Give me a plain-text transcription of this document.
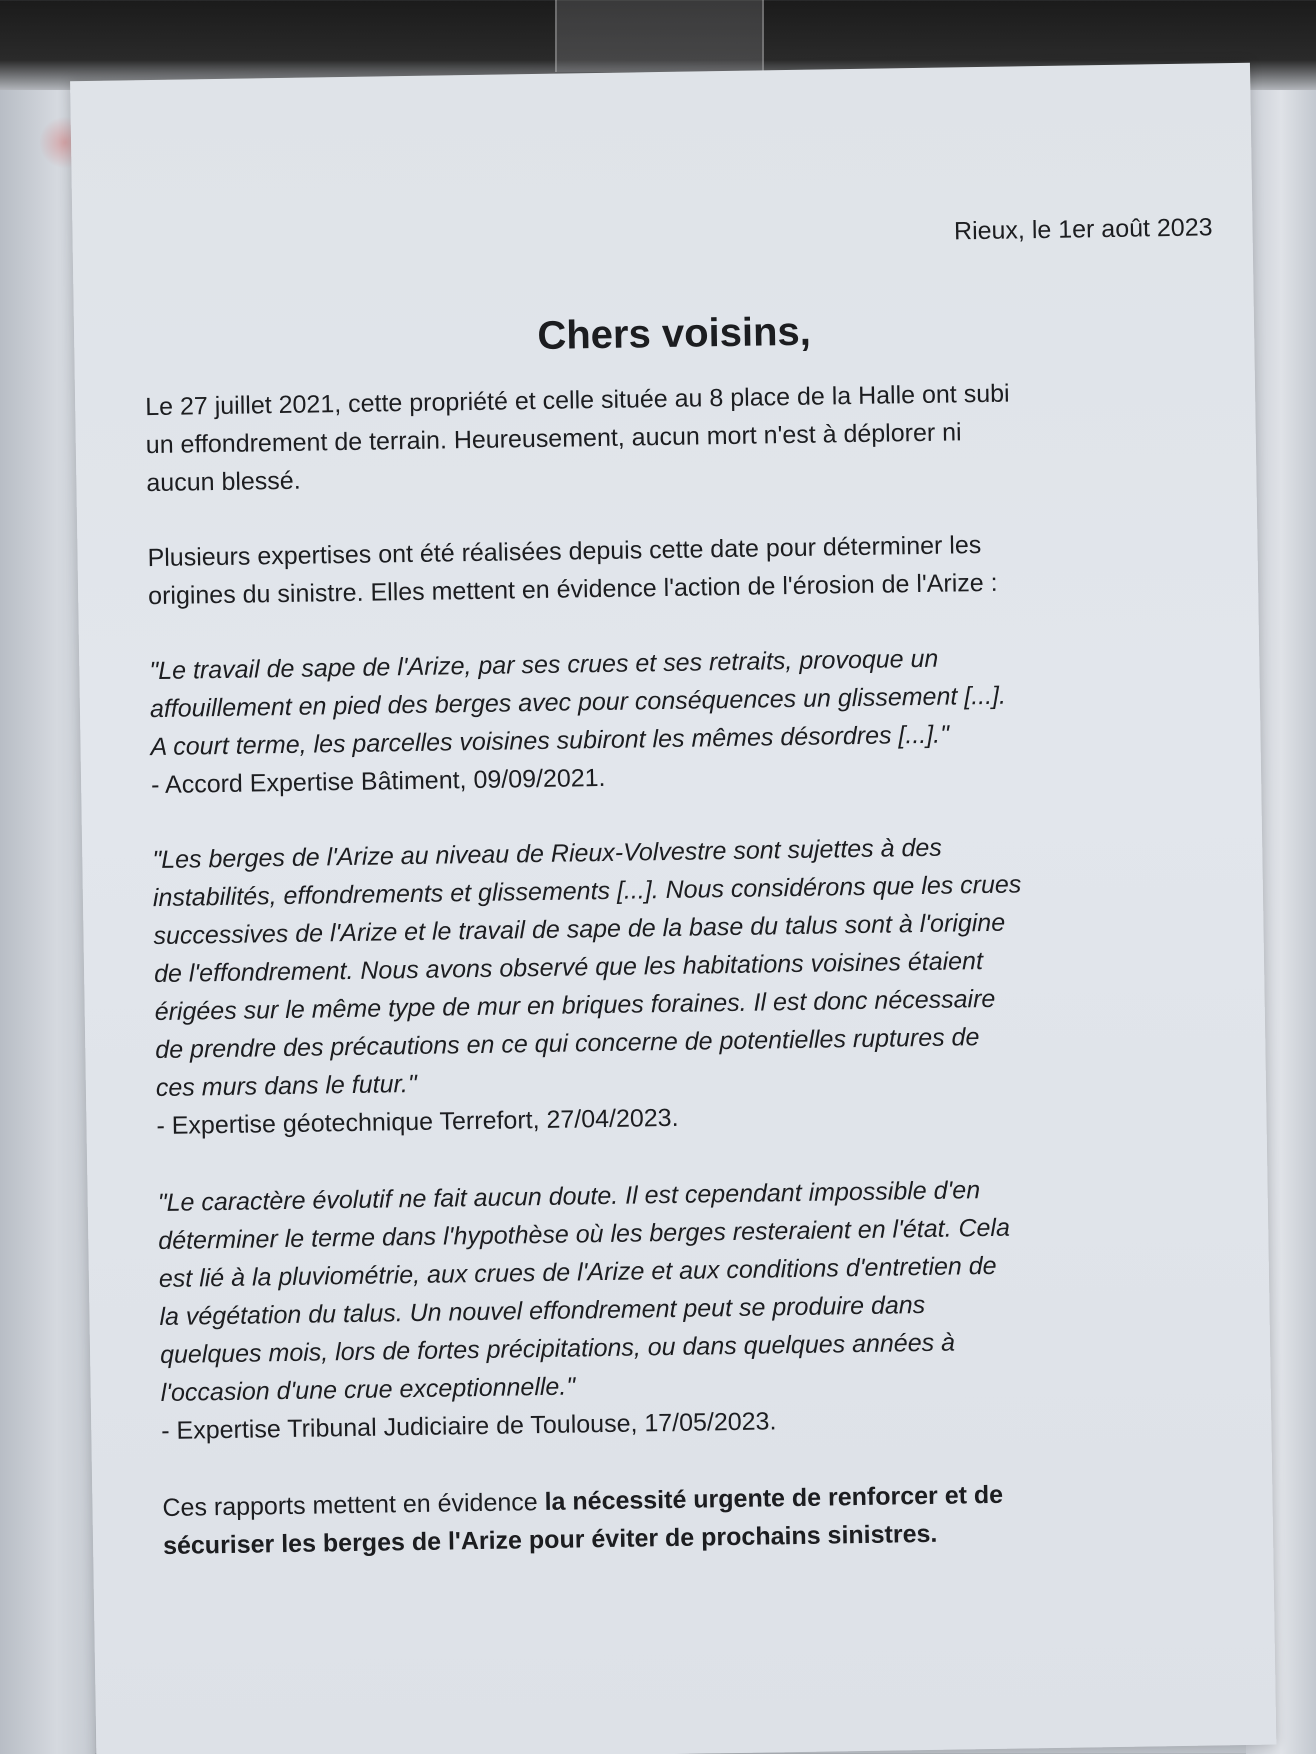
Rieux, le 1er août 2023
Chers voisins,

Le 27 juillet 2021, cette propriété et celle située au 8 place de la Halle ont subi

un effondrement de terrain. Heureusement, aucun mort n'est à déplorer ni

aucun blessé.

Plusieurs expertises ont été réalisées depuis cette date pour déterminer les

origines du sinistre. Elles mettent en évidence l'action de l'érosion de l'Arize :

"Le travail de sape de l'Arize, par ses crues et ses retraits, provoque un

affouillement en pied des berges avec pour conséquences un glissement [...].

A court terme, les parcelles voisines subiront les mêmes désordres [...]."

- Accord Expertise Bâtiment, 09/09/2021.

"Les berges de l'Arize au niveau de Rieux-Volvestre sont sujettes à des

instabilités, effondrements et glissements [...]. Nous considérons que les crues

successives de l'Arize et le travail de sape de la base du talus sont à l'origine

de l'effondrement. Nous avons observé que les habitations voisines étaient

érigées sur le même type de mur en briques foraines. Il est donc nécessaire

de prendre des précautions en ce qui concerne de potentielles ruptures de

ces murs dans le futur."

- Expertise géotechnique Terrefort, 27/04/2023.

"Le caractère évolutif ne fait aucun doute. Il est cependant impossible d'en

déterminer le terme dans l'hypothèse où les berges resteraient en l'état. Cela

est lié à la pluviométrie, aux crues de l'Arize et aux conditions d'entretien de

la végétation du talus. Un nouvel effondrement peut se produire dans

quelques mois, lors de fortes précipitations, ou dans quelques années à

l'occasion d'une crue exceptionnelle."

- Expertise Tribunal Judiciaire de Toulouse, 17/05/2023.

Ces rapports mettent en évidence la nécessité urgente de renforcer et de

sécuriser les berges de l'Arize pour éviter de prochains sinistres.
